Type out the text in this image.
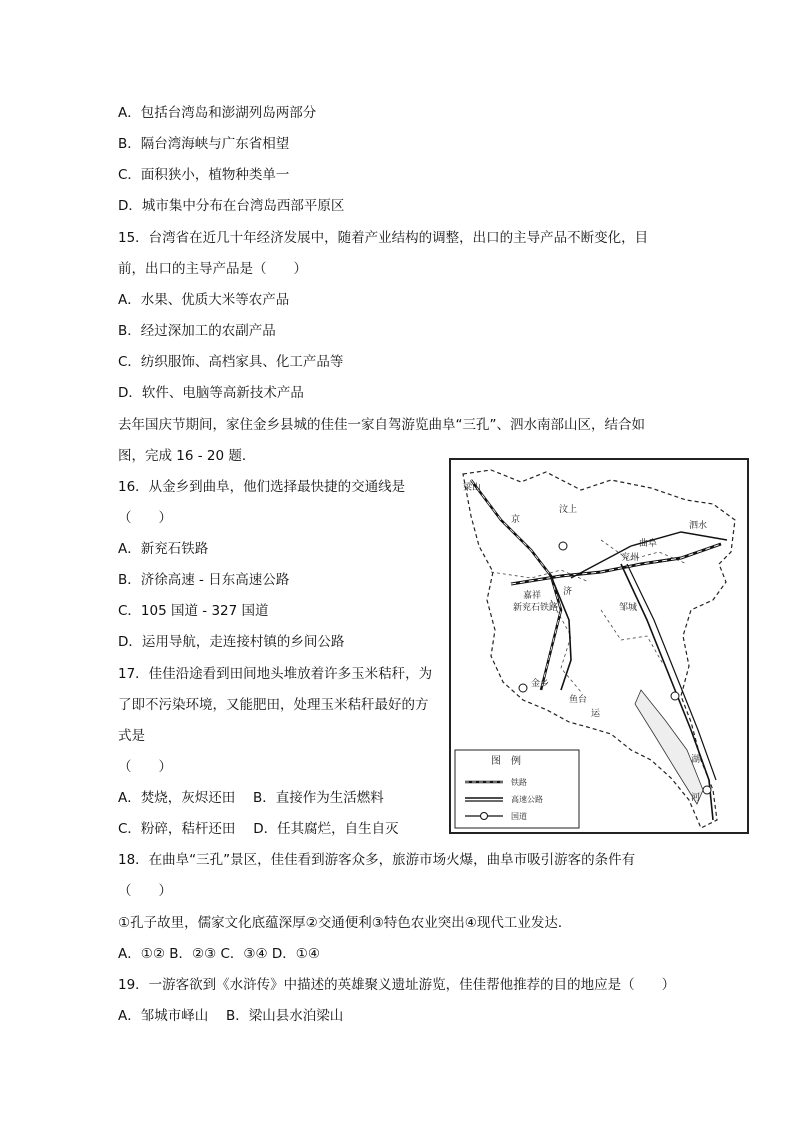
A．包括台湾岛和澎湖列岛两部分
B．隔台湾海峡与广东省相望
C．面积狭小，植物种类单一
D．城市集中分布在台湾岛西部平原区
15．台湾省在近几十年经济发展中，随着产业结构的调整，出口的主导产品不断变化，目
前，出口的主导产品是（　　）
A．水果、优质大米等农产品
B．经过深加工的农副产品
C．纺织服饰、高档家具、化工产品等
D．软件、电脑等高新技术产品
去年国庆节期间，家住金乡县城的佳佳一家自驾游览曲阜“三孔”、泗水南部山区，结合如
图，完成 16 - 20 题．
16．从金乡到曲阜，他们选择最快捷的交通线是
（　　）
A．新兖石铁路
B．济徐高速 - 日东高速公路
C．105 国道 - 327 国道
D．运用导航，走连接村镇的乡间公路
17．佳佳沿途看到田间地头堆放着许多玉米秸秆，为
了即不污染环境，又能肥田，处理玉米秸秆最好的方
式是
（　　）
A．焚烧，灰烬还田　 B．直接作为生活燃料
C．粉碎，秸杆还田　 D．任其腐烂，自生自灭
18．在曲阜“三孔”景区，佳佳看到游客众多，旅游市场火爆，曲阜市吸引游客的条件有
（　　）
①孔子故里，儒家文化底蕴深厚②交通便利③特色农业突出④现代工业发达．
A．①② B．②③ C．③④ D．①④
19．一游客欲到《水浒传》中描述的英雄聚义遗址游览，佳佳帮他推荐的目的地应是（　　）
A．邹城市峄山　 B．梁山县水泊梁山
梁山
京
汶上
泗水
兖州
曲阜
嘉祥 济
新兖石铁路	邹城
金乡
鱼台
运
湖
河
图　例
铁路
高速公路
国道
